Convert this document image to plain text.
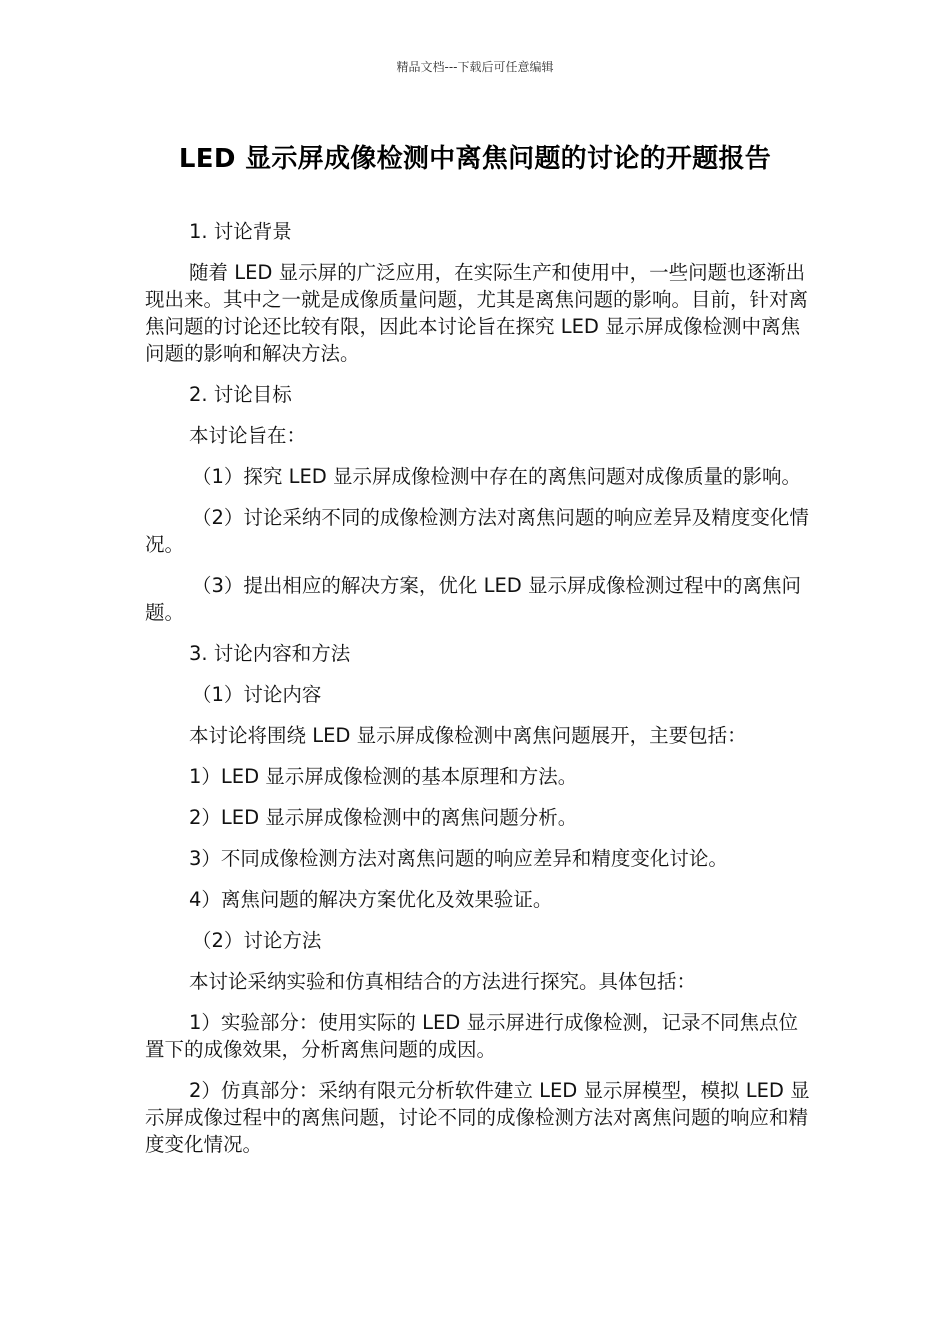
精品文档---下载后可任意编辑
LED 显示屏成像检测中离焦问题的讨论的开题报告

1. 讨论背景

随着 LED 显示屏的广泛应用，在实际生产和使用中，一些问题也逐渐出现出来。其中之一就是成像质量问题，尤其是离焦问题的影响。目前，针对离焦问题的讨论还比较有限，因此本讨论旨在探究 LED 显示屏成像检测中离焦问题的影响和解决方法。

2. 讨论目标

本讨论旨在：

（1）探究 LED 显示屏成像检测中存在的离焦问题对成像质量的影响。

（2）讨论采纳不同的成像检测方法对离焦问题的响应差异及精度变化情况。

（3）提出相应的解决方案，优化 LED 显示屏成像检测过程中的离焦问题。

3. 讨论内容和方法

（1）讨论内容

本讨论将围绕 LED 显示屏成像检测中离焦问题展开，主要包括：

1）LED 显示屏成像检测的基本原理和方法。

2）LED 显示屏成像检测中的离焦问题分析。

3）不同成像检测方法对离焦问题的响应差异和精度变化讨论。

4）离焦问题的解决方案优化及效果验证。

（2）讨论方法

本讨论采纳实验和仿真相结合的方法进行探究。具体包括：

1）实验部分：使用实际的 LED 显示屏进行成像检测，记录不同焦点位置下的成像效果，分析离焦问题的成因。

2）仿真部分：采纳有限元分析软件建立 LED 显示屏模型，模拟 LED 显示屏成像过程中的离焦问题，讨论不同的成像检测方法对离焦问题的响应和精度变化情况。
